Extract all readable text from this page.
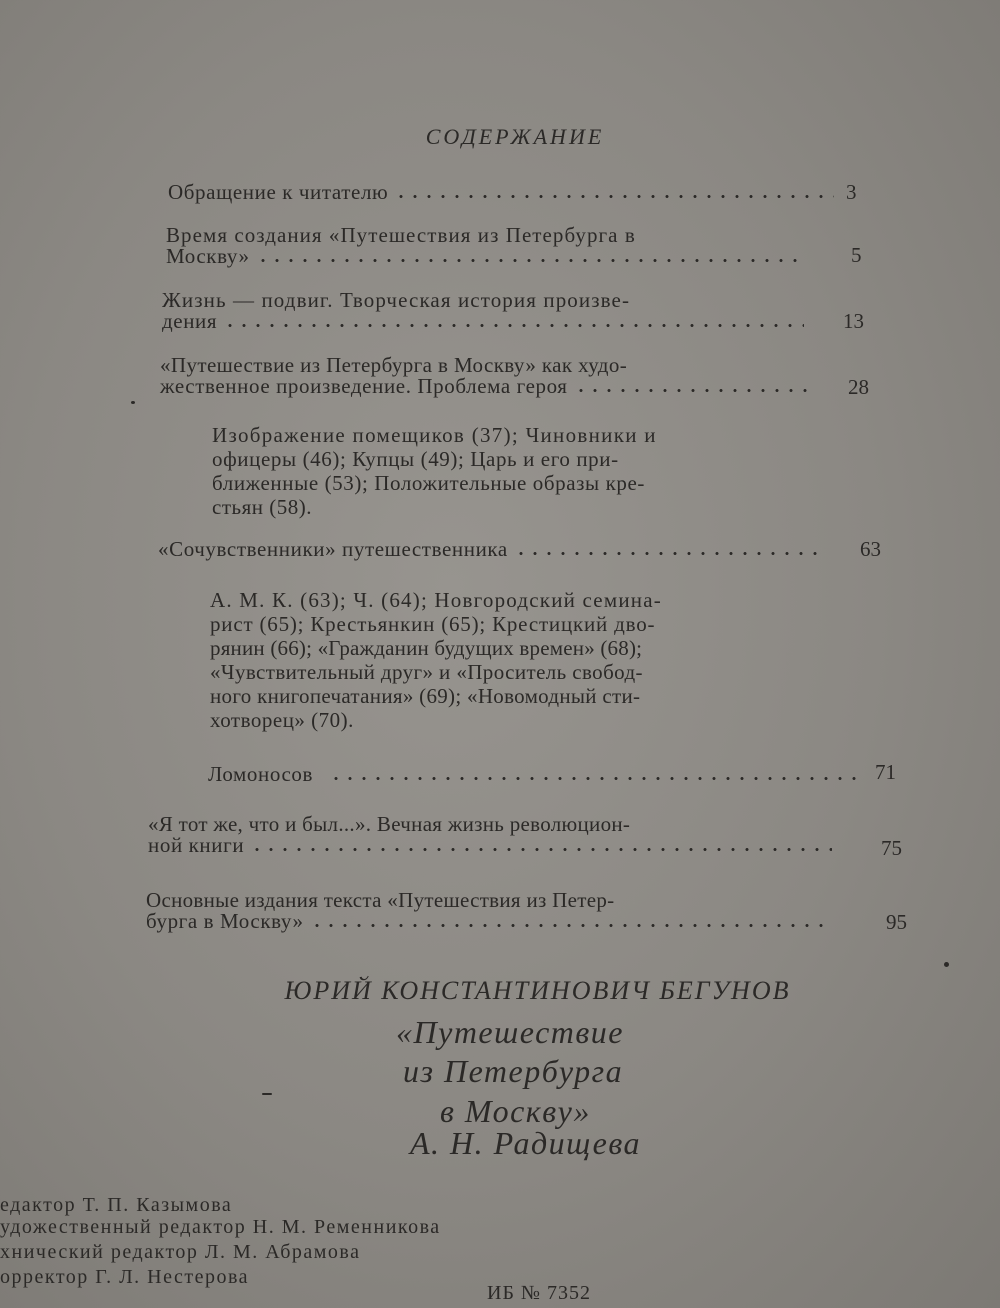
СОДЕРЖАНИЕ
Обращение к читателю	3
Время создания «Путешествия из Петербурга в
Москву»	5
Жизнь — подвиг. Творческая история произве-
дения	13
«Путешествие из Петербурга в Москву» как худо-
жественное произведение. Проблема героя	28
Изображение помещиков (37); Чиновники и
офицеры (46); Купцы (49); Царь и его при-
ближенные (53); Положительные образы кре-
стьян (58).
«Сочувственники» путешественника	63
А. М. К. (63); Ч. (64); Новгородский семина-
рист (65); Крестьянкин (65); Крестицкий дво-
рянин (66); «Гражданин будущих времен» (68);
«Чувствительный друг» и «Проситель свобод-
ного книгопечатания» (69); «Новомодный сти-
хотворец» (70).
Ломоносов	71
«Я тот же, что и был...». Вечная жизнь революцион-
ной книги	75
Основные издания текста «Путешествия из Петер-
бурга в Москву»	95
ЮРИЙ КОНСТАНТИНОВИЧ БЕГУНОВ
«Путешествие
из Петербурга
в Москву»
А. Н. Радищева
едактор Т. П. Казымова
удожественный редактор Н. М. Ременникова
хнический редактор Л. М. Абрамова
орректор Г. Л. Нестерова
ИБ № 7352
